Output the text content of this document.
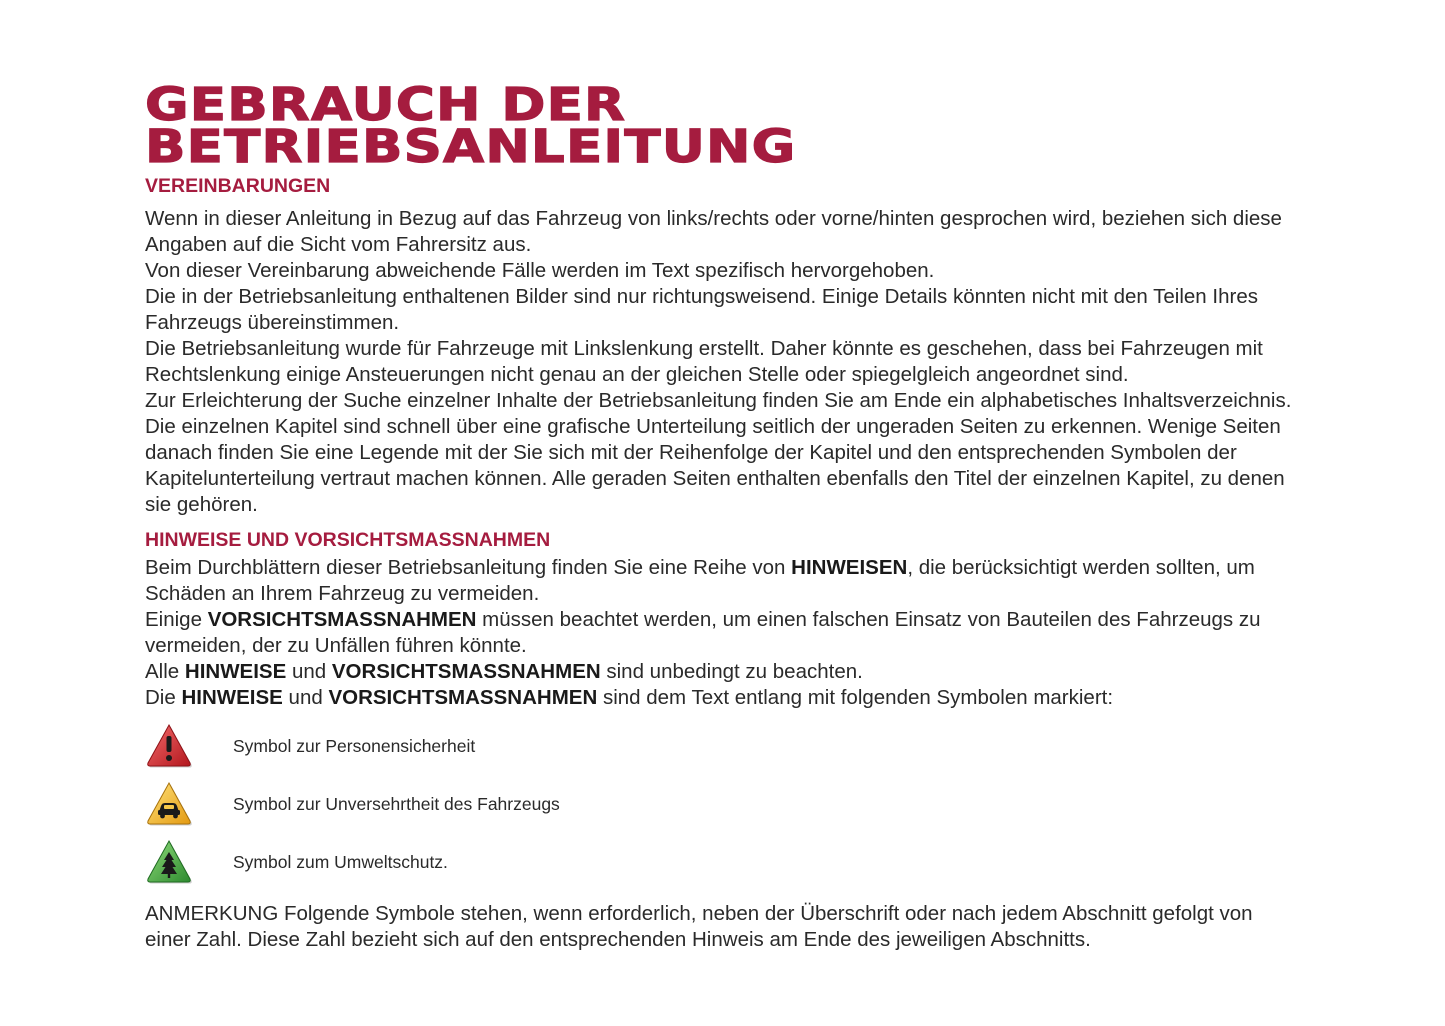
GEBRAUCH DER
BETRIEBSANLEITUNG
VEREINBARUNGEN

Wenn in dieser Anleitung in Bezug auf das Fahrzeug von links/rechts oder vorne/hinten gesprochen wird, beziehen sich diese Angaben auf die Sicht vom Fahrersitz aus.

Von dieser Vereinbarung abweichende Fälle werden im Text spezifisch hervorgehoben.

Die in der Betriebsanleitung enthaltenen Bilder sind nur richtungsweisend. Einige Details könnten nicht mit den Teilen Ihres Fahrzeugs übereinstimmen.

Die Betriebsanleitung wurde für Fahrzeuge mit Linkslenkung erstellt. Daher könnte es geschehen, dass bei Fahrzeugen mit Rechtslenkung einige Ansteuerungen nicht genau an der gleichen Stelle oder spiegelgleich angeordnet sind.

Zur Erleichterung der Suche einzelner Inhalte der Betriebsanleitung finden Sie am Ende ein alphabetisches Inhaltsverzeichnis. Die einzelnen Kapitel sind schnell über eine grafische Unterteilung seitlich der ungeraden Seiten zu erkennen. Wenige Seiten danach finden Sie eine Legende mit der Sie sich mit der Reihenfolge der Kapitel und den entsprechenden Symbolen der Kapitelunterteilung vertraut machen können. Alle geraden Seiten enthalten ebenfalls den Titel der einzelnen Kapitel, zu denen sie gehören.

HINWEISE UND VORSICHTSMASSNAHMEN

Beim Durchblättern dieser Betriebsanleitung finden Sie eine Reihe von HINWEISEN, die berücksichtigt werden sollten, um Schäden an Ihrem Fahrzeug zu vermeiden.

Einige VORSICHTSMASSNAHMEN müssen beachtet werden, um einen falschen Einsatz von Bauteilen des Fahrzeugs zu vermeiden, der zu Unfällen führen könnte.

Alle HINWEISE und VORSICHTSMASSNAHMEN sind unbedingt zu beachten.

Die HINWEISE und VORSICHTSMASSNAHMEN sind dem Text entlang mit folgenden Symbolen markiert:

Symbol zur Personensicherheit
Symbol zur Unversehrtheit des Fahrzeugs
Symbol zum Umweltschutz.

ANMERKUNG Folgende Symbole stehen, wenn erforderlich, neben der Überschrift oder nach jedem Abschnitt gefolgt von einer Zahl. Diese Zahl bezieht sich auf den entsprechenden Hinweis am Ende des jeweiligen Abschnitts.
